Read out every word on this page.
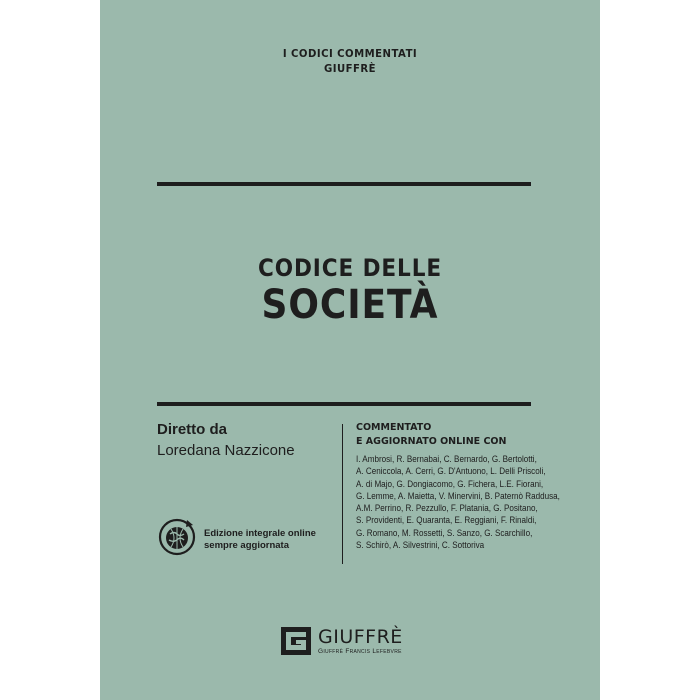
I CODICI COMMENTATI
GIUFFRÈ
CODICE DELLE
SOCIETÀ
Diretto da
Loredana Nazzicone
COMMENTATO
E AGGIORNATO ONLINE CON
I. Ambrosi, R. Bernabai, C. Bernardo, G. Bertolotti,
A. Ceniccola, A. Cerri, G. D'Antuono, L. Delli Priscoli,
A. di Majo, G. Dongiacomo, G. Fichera, L.E. Fiorani,
G. Lemme, A. Maietta, V. Minervini, B. Paternò Raddusa,
A.M. Perrino, R. Pezzullo, F. Platania, G. Positano,
S. Providenti, E. Quaranta, E. Reggiani, F. Rinaldi,
G. Romano, M. Rossetti, S. Sanzo, G. Scarchillo,
S. Schirò, A. Silvestrini, C. Sottoriva
Edizione integrale online
sempre aggiornata
GIUFFRÈ
Giuffrè Francis Lefebvre
